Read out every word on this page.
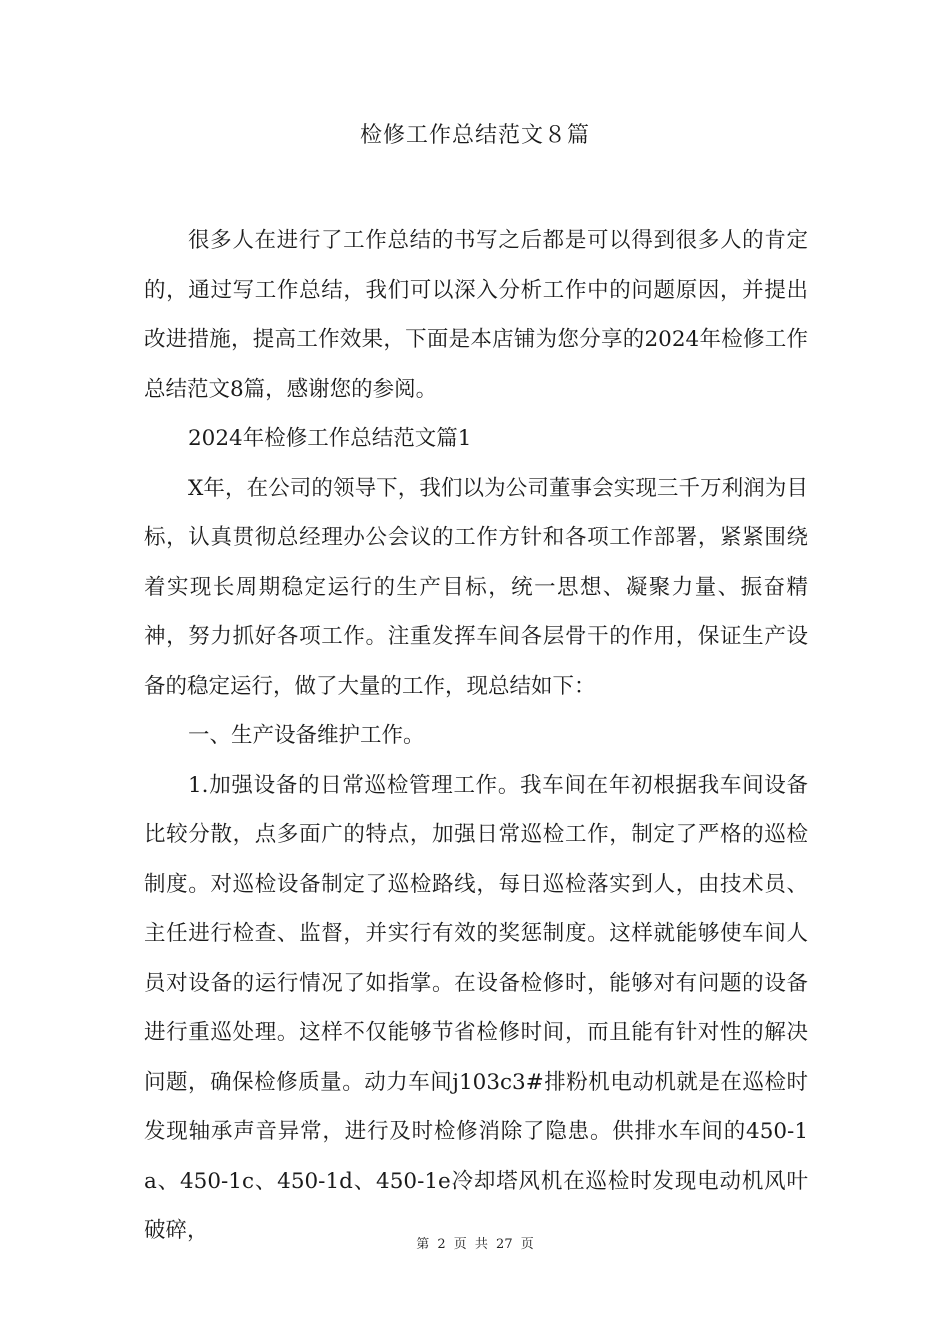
检修工作总结范文８篇

很多人在进行了工作总结的书写之后都是可以得到很多人的肯定的，通过写工作总结，我们可以深入分析工作中的问题原因，并提出改进措施，提高工作效果，下面是本店铺为您分享的2024年检修工作总结范文8篇，感谢您的参阅。

2024年检修工作总结范文篇1

X年，在公司的领导下，我们以为公司董事会实现三千万利润为目标，认真贯彻总经理办公会议的工作方针和各项工作部署，紧紧围绕着实现长周期稳定运行的生产目标，统一思想、凝聚力量、振奋精神，努力抓好各项工作。注重发挥车间各层骨干的作用，保证生产设备的稳定运行，做了大量的工作，现总结如下：

一、生产设备维护工作。

1.加强设备的日常巡检管理工作。我车间在年初根据我车间设备比较分散，点多面广的特点，加强日常巡检工作，制定了严格的巡检制度。对巡检设备制定了巡检路线，每日巡检落实到人，由技术员、主任进行检查、监督，并实行有效的奖惩制度。这样就能够使车间人员对设备的运行情况了如指掌。在设备检修时，能够对有问题的设备进行重巡处理。这样不仅能够节省检修时间，而且能有针对性的解决问题，确保检修质量。动力车间j103c3#排粉机电动机就是在巡检时发现轴承声音异常，进行及时检修消除了隐患。供排水车间的450-1a、450-1c、450-1d、450-1e冷却塔风机在巡检时发现电动机风叶破碎，

第 2 页 共 27 页
